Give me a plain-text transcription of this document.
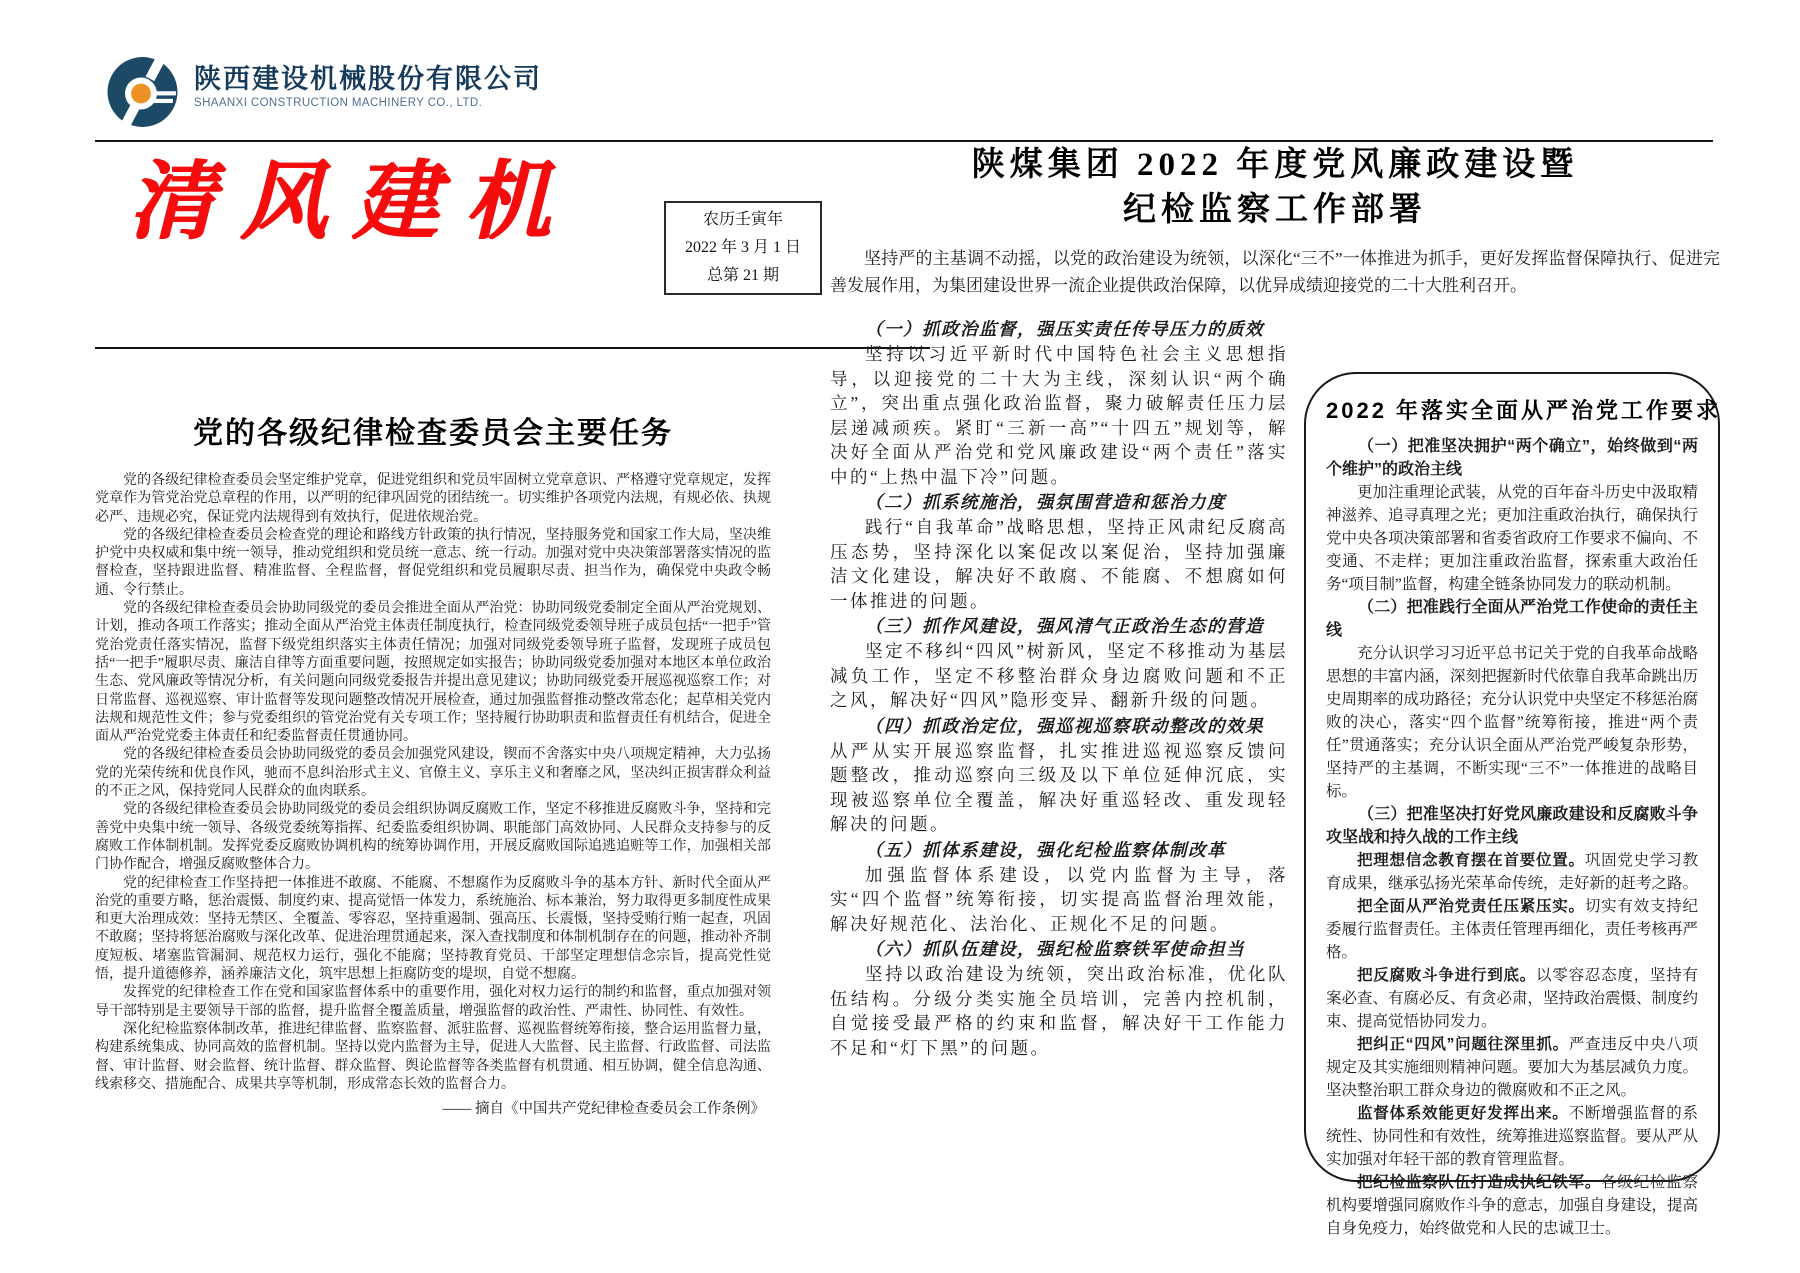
陕西建设机械股份有限公司
SHAANXI CONSTRUCTION MACHINERY CO., LTD.
清风建机	农历壬寅年
2022 年 3 月 1 日
总第 21 期
党的各级纪律检查委员会主要任务

党的各级纪律检查委员会坚定维护党章，促进党组织和党员牢固树立党章意识、严格遵守党章规定，发挥党章作为管党治党总章程的作用，以严明的纪律巩固党的团结统一。切实维护各项党内法规，有规必依、执规必严、违规必究，保证党内法规得到有效执行，促进依规治党。

党的各级纪律检查委员会检查党的理论和路线方针政策的执行情况，坚持服务党和国家工作大局，坚决维护党中央权威和集中统一领导，推动党组织和党员统一意志、统一行动。加强对党中央决策部署落实情况的监督检查，坚持跟进监督、精准监督、全程监督，督促党组织和党员履职尽责、担当作为，确保党中央政令畅通、令行禁止。

党的各级纪律检查委员会协助同级党的委员会推进全面从严治党：协助同级党委制定全面从严治党规划、计划，推动各项工作落实；推动全面从严治党主体责任制度执行，检查同级党委领导班子成员包括“一把手”管党治党责任落实情况，监督下级党组织落实主体责任情况；加强对同级党委领导班子监督，发现班子成员包括“一把手”履职尽责、廉洁自律等方面重要问题，按照规定如实报告；协助同级党委加强对本地区本单位政治生态、党风廉政等情况分析，有关问题向同级党委报告并提出意见建议；协助同级党委开展巡视巡察工作；对日常监督、巡视巡察、审计监督等发现问题整改情况开展检查，通过加强监督推动整改常态化；起草相关党内法规和规范性文件；参与党委组织的管党治党有关专项工作；坚持履行协助职责和监督责任有机结合，促进全面从严治党党委主体责任和纪委监督责任贯通协同。

党的各级纪律检查委员会协助同级党的委员会加强党风建设，锲而不舍落实中央八项规定精神，大力弘扬党的光荣传统和优良作风，驰而不息纠治形式主义、官僚主义、享乐主义和奢靡之风，坚决纠正损害群众利益的不正之风，保持党同人民群众的血肉联系。

党的各级纪律检查委员会协助同级党的委员会组织协调反腐败工作，坚定不移推进反腐败斗争，坚持和完善党中央集中统一领导、各级党委统筹指挥、纪委监委组织协调、职能部门高效协同、人民群众支持参与的反腐败工作体制机制。发挥党委反腐败协调机构的统筹协调作用，开展反腐败国际追逃追赃等工作，加强相关部门协作配合，增强反腐败整体合力。

党的纪律检查工作坚持把一体推进不敢腐、不能腐、不想腐作为反腐败斗争的基本方针、新时代全面从严治党的重要方略，惩治震慑、制度约束、提高觉悟一体发力，系统施治、标本兼治，努力取得更多制度性成果和更大治理成效：坚持无禁区、全覆盖、零容忍，坚持重遏制、强高压、长震慑，坚持受贿行贿一起查，巩固不敢腐；坚持将惩治腐败与深化改革、促进治理贯通起来，深入查找制度和体制机制存在的问题，推动补齐制度短板、堵塞监管漏洞、规范权力运行，强化不能腐；坚持教育党员、干部坚定理想信念宗旨，提高党性觉悟，提升道德修养，涵养廉洁文化，筑牢思想上拒腐防变的堤坝，自觉不想腐。

发挥党的纪律检查工作在党和国家监督体系中的重要作用，强化对权力运行的制约和监督，重点加强对领导干部特别是主要领导干部的监督，提升监督全覆盖质量，增强监督的政治性、严肃性、协同性、有效性。

深化纪检监察体制改革，推进纪律监督、监察监督、派驻监督、巡视监督统筹衔接，整合运用监督力量，构建系统集成、协同高效的监督机制。坚持以党内监督为主导，促进人大监督、民主监督、行政监督、司法监督、审计监督、财会监督、统计监督、群众监督、舆论监督等各类监督有机贯通、相互协调，健全信息沟通、线索移交、措施配合、成果共享等机制，形成常态长效的监督合力。

—— 摘自《中国共产党纪律检查委员会工作条例》
陕煤集团 2022 年度党风廉政建设暨
纪检监察工作部署

坚持严的主基调不动摇，以党的政治建设为统领，以深化“三不”一体推进为抓手，更好发挥监督保障执行、促进完善发展作用，为集团建设世界一流企业提供政治保障，以优异成绩迎接党的二十大胜利召开。

2022 年落实全面从严治党工作要求

（一）把准坚决拥护“两个确立”，始终做到“两个维护”的政治主线

更加注重理论武装，从党的百年奋斗历史中汲取精神滋养、追寻真理之光；更加注重政治执行，确保执行党中央各项决策部署和省委省政府工作要求不偏向、不变通、不走样；更加注重政治监督，探索重大政治任务“项目制”监督，构建全链条协同发力的联动机制。

（二）把准践行全面从严治党工作使命的责任主线

充分认识学习习近平总书记关于党的自我革命战略思想的丰富内涵，深刻把握新时代依靠自我革命跳出历史周期率的成功路径；充分认识党中央坚定不移惩治腐败的决心，落实“四个监督”统筹衔接，推进“两个责任”贯通落实；充分认识全面从严治党严峻复杂形势，坚持严的主基调，不断实现“三不”一体推进的战略目标。

（三）把准坚决打好党风廉政建设和反腐败斗争攻坚战和持久战的工作主线

把理想信念教育摆在首要位置。巩固党史学习教育成果，继承弘扬光荣革命传统，走好新的赶考之路。

把全面从严治党责任压紧压实。切实有效支持纪委履行监督责任。主体责任管理再细化，责任考核再严格。

把反腐败斗争进行到底。以零容忍态度，坚持有案必查、有腐必反、有贪必肃，坚持政治震慑、制度约束、提高觉悟协同发力。

把纠正“四风”问题往深里抓。严查违反中央八项规定及其实施细则精神问题。要加大为基层减负力度。坚决整治职工群众身边的微腐败和不正之风。

监督体系效能更好发挥出来。不断增强监督的系统性、协同性和有效性，统筹推进巡察监督。要从严从实加强对年轻干部的教育管理监督。

把纪检监察队伍打造成执纪铁军。各级纪检监察机构要增强同腐败作斗争的意志，加强自身建设，提高自身免疫力，始终做党和人民的忠诚卫士。

（一）抓政治监督，强压实责任传导压力的质效

坚持以习近平新时代中国特色社会主义思想指导，以迎接党的二十大为主线，深刻认识“两个确立”，突出重点强化政治监督，聚力破解责任压力层层递减顽疾。紧盯“三新一高”“十四五”规划等，解决好全面从严治党和党风廉政建设“两个责任”落实中的“上热中温下冷”问题。

（二）抓系统施治，强氛围营造和惩治力度

践行“自我革命”战略思想，坚持正风肃纪反腐高压态势，坚持深化以案促改以案促治，坚持加强廉洁文化建设，解决好不敢腐、不能腐、不想腐如何一体推进的问题。

（三）抓作风建设，强风清气正政治生态的营造

坚定不移纠“四风”树新风，坚定不移推动为基层减负工作，坚定不移整治群众身边腐败问题和不正之风，解决好“四风”隐形变异、翻新升级的问题。

（四）抓政治定位，强巡视巡察联动整改的效果

从严从实开展巡察监督，扎实推进巡视巡察反馈问题整改，推动巡察向三级及以下单位延伸沉底，实现被巡察单位全覆盖，解决好重巡轻改、重发现轻解决的问题。

（五）抓体系建设，强化纪检监察体制改革

加强监督体系建设，以党内监督为主导，落实“四个监督”统筹衔接，切实提高监督治理效能，解决好规范化、法治化、正规化不足的问题。

（六）抓队伍建设，强纪检监察铁军使命担当

坚持以政治建设为统领，突出政治标准，优化队伍结构。分级分类实施全员培训，完善内控机制，自觉接受最严格的约束和监督，解决好干工作能力不足和“灯下黑”的问题。
